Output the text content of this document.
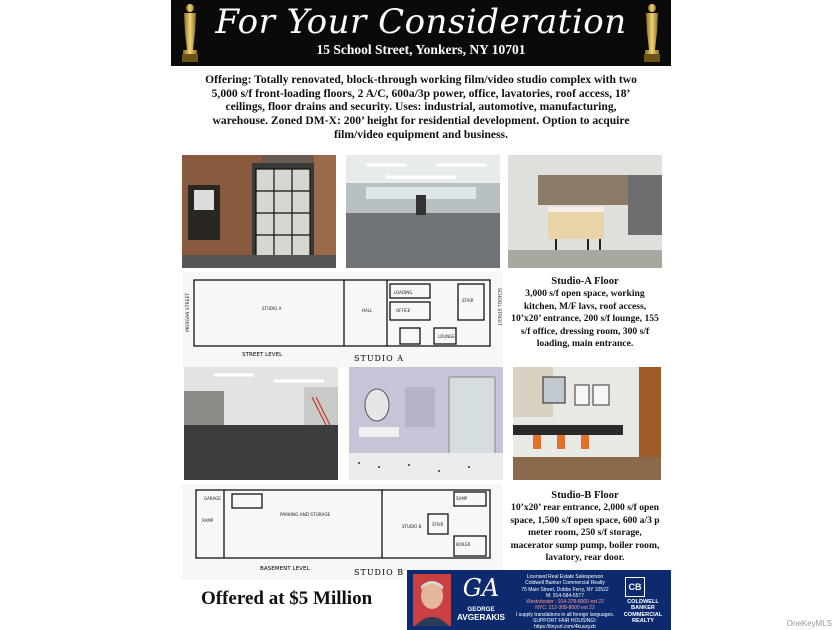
For Your Consideration
15 School Street, Yonkers, NY 10701
Offering: Totally renovated, block-through working film/video studio complex with two 5,000 s/f front-loading floors, 2 A/C, 600a/3p power, office, lavatories, roof access, 18’ ceilings, floor drains and security. Uses: industrial, automotive, manufacturing, warehouse. Zoned DM-X: 200’ height for residential development. Option to acquire film/video equipment and business.
STUDIO A	HALL
LOADING
OFFICE
LOUNGE
STAIR
MORGAN STREET	SCHOOL STREET
STREET LEVEL	STUDIO A
Studio-A Floor
3,000 s/f open space, working kitchen, M/F lavs, roof access, 10’x20’ entrance, 200 s/f lounge, 155 s/f office, dressing room, 300 s/f loading, main entrance.
GARAGE
RAMP
STUDIO B	STAIR
BOILER
SUMP
PARKING AND STORAGE
BASEMENT LEVEL	STUDIO B
Studio-B Floor
10’x20’ rear entrance, 2,000 s/f open space, 1,500 s/f open space, 600 a/3 p meter room, 250 s/f storage, macerator sump pump, boiler room, lavatory, rear door.
Offered at $5 Million	GA
GEORGE
AVGERAKIS
Licensed Real Estate Salesperson
Coldwell Banker Commercial Realty
75 Main Street, Dobbs Ferry, NY 10522
M: 914-584-5577
Westchester : 914-378-8000 ext 22
NYC: 212-308-8000 ext 22
I supply translations in all foreign languages.
SUPPORT FAIR HOUSING!: https://tinyurl.com/4kuuxyzb
CB
COLDWELL
BANKER
COMMERCIAL
REALTY	OneKeyMLS
